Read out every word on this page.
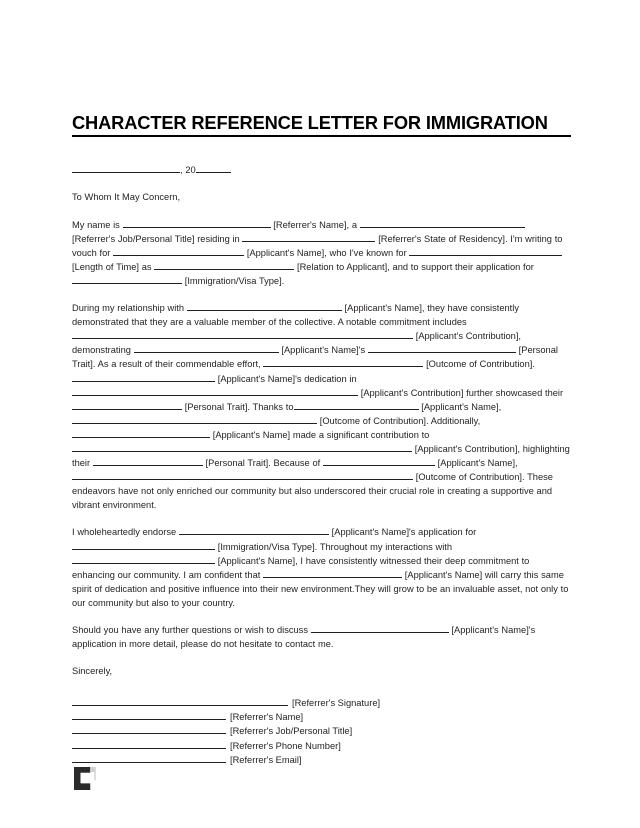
CHARACTER REFERENCE LETTER FOR IMMIGRATION
, 20
To Whom It May Concern,
My name is	[Referrer's Name], a  [Referrer's Job/Personal Title] residing in	[Referrer's State of Residency]. I'm writing to vouch for	[Applicant's Name], who I've known for  [Length of Time] as	[Relation to Applicant], and to support their application for  [Immigration/Visa Type].
During my relationship with	[Applicant's Name], they have consistently demonstrated that they are a valuable member of the collective. A notable commitment includes  [Applicant's Contribution], demonstrating	[Applicant's Name]'s	[Personal Trait]. As a result of their commendable effort,	[Outcome of Contribution].  [Applicant's Name]'s dedication in  [Applicant's Contribution] further showcased their  [Personal Trait]. Thanks to	[Applicant's Name],  [Outcome of Contribution]. Additionally,  [Applicant's Name] made a significant contribution to  [Applicant's Contribution], highlighting their	[Personal Trait]. Because of	[Applicant's Name],  [Outcome of Contribution]. These endeavors have not only enriched our community but also underscored their crucial role in creating a supportive and vibrant environment.
I wholeheartedly endorse	[Applicant's Name]'s application for  [Immigration/Visa Type]. Throughout my interactions with  [Applicant's Name], I have consistently witnessed their deep commitment to enhancing our community. I am confident that	[Applicant's Name] will carry this same spirit of dedication and positive influence into their new environment.They will grow to be an invaluable asset, not only to our community but also to your country.
Should you have any further questions or wish to discuss	[Applicant's Name]'s application in more detail, please do not hesitate to contact me.
Sincerely,
[Referrer's Signature]
[Referrer's Name]
[Referrer's Job/Personal Title]
[Referrer's Phone Number]
[Referrer's Email]
